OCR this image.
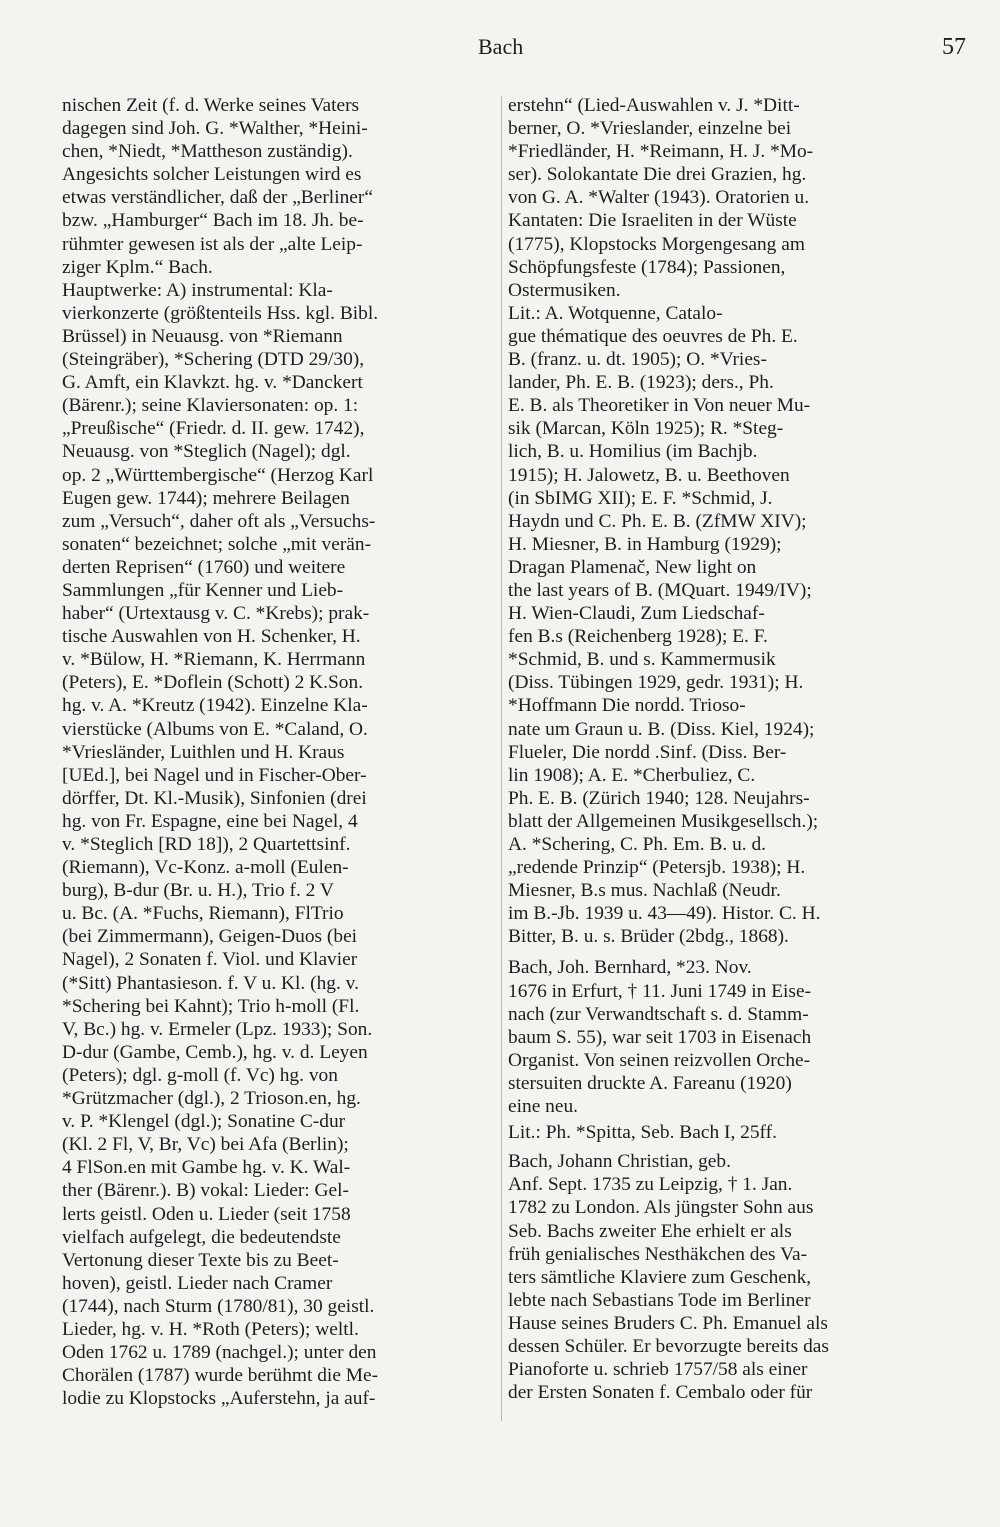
Bach	57
nischen Zeit (f. d. Werke seines Vaters
dagegen sind Joh. G. *Walther, *Heini-
chen, *Niedt, *Mattheson zuständig).
Angesichts solcher Leistungen wird es
etwas verständlicher, daß der „Berliner“
bzw. „Hamburger“ Bach im 18. Jh. be-
rühmter gewesen ist als der „alte Leip-
ziger Kplm.“ Bach.
Hauptwerke: A) instrumental: Kla-
vierkonzerte (größtenteils Hss. kgl. Bibl.
Brüssel) in Neuausg. von *Riemann
(Steingräber), *Schering (DTD 29/30),
G. Amft, ein Klavkzt. hg. v. *Danckert
(Bärenr.); seine Klaviersonaten: op. 1:
„Preußische“ (Friedr. d. II. gew. 1742),
Neuausg. von *Steglich (Nagel); dgl.
op. 2 „Württembergische“ (Herzog Karl
Eugen gew. 1744); mehrere Beilagen
zum „Versuch“, daher oft als „Versuchs-
sonaten“ bezeichnet; solche „mit verän-
derten Reprisen“ (1760) und weitere
Sammlungen „für Kenner und Lieb-
haber“ (Urtextausg v. C. *Krebs); prak-
tische Auswahlen von H. Schenker, H.
v. *Bülow, H. *Riemann, K. Herrmann
(Peters), E. *Doflein (Schott) 2 K.Son.
hg. v. A. *Kreutz (1942). Einzelne Kla-
vierstücke (Albums von E. *Caland, O.
*Vriesländer, Luithlen und H. Kraus
[UEd.], bei Nagel und in Fischer-Ober-
dörffer, Dt. Kl.-Musik), Sinfonien (drei
hg. von Fr. Espagne, eine bei Nagel, 4
v. *Steglich [RD 18]), 2 Quartettsinf.
(Riemann), Vc-Konz. a-moll (Eulen-
burg), B-dur (Br. u. H.), Trio f. 2 V
u. Bc. (A. *Fuchs, Riemann), FlTrio
(bei Zimmermann), Geigen-Duos (bei
Nagel), 2 Sonaten f. Viol. und Klavier
(*Sitt) Phantasieson. f. V u. Kl. (hg. v.
*Schering bei Kahnt); Trio h-moll (Fl.
V, Bc.) hg. v. Ermeler (Lpz. 1933); Son.
D-dur (Gambe, Cemb.), hg. v. d. Leyen
(Peters); dgl. g-moll (f. Vc) hg. von
*Grützmacher (dgl.), 2 Trioson.en, hg.
v. P. *Klengel (dgl.); Sonatine C-dur
(Kl. 2 Fl, V, Br, Vc) bei Afa (Berlin);
4 FlSon.en mit Gambe hg. v. K. Wal-
ther (Bärenr.). B) vokal: Lieder: Gel-
lerts geistl. Oden u. Lieder (seit 1758
vielfach aufgelegt, die bedeutendste
Vertonung dieser Texte bis zu Beet-
hoven), geistl. Lieder nach Cramer
(1744), nach Sturm (1780/81), 30 geistl.
Lieder, hg. v. H. *Roth (Peters); weltl.
Oden 1762 u. 1789 (nachgel.); unter den
Chorälen (1787) wurde berühmt die Me-
lodie zu Klopstocks „Auferstehn, ja auf-
erstehn“ (Lied-Auswahlen v. J. *Ditt-
berner, O. *Vrieslander, einzelne bei
*Friedländer, H. *Reimann, H. J. *Mo-
ser). Solokantate Die drei Grazien, hg.
von G. A. *Walter (1943). Oratorien u.
Kantaten: Die Israeliten in der Wüste
(1775), Klopstocks Morgengesang am
Schöpfungsfeste (1784); Passionen,
Ostermusiken.
Lit.: A. Wotquenne, Catalo-
gue thématique des oeuvres de Ph. E.
B. (franz. u. dt. 1905); O. *Vries-
lander, Ph. E. B. (1923); ders., Ph.
E. B. als Theoretiker in Von neuer Mu-
sik (Marcan, Köln 1925); R. *Steg-
lich, B. u. Homilius (im Bachjb.
1915); H. Jalowetz, B. u. Beethoven
(in SbIMG XII); E. F. *Schmid, J.
Haydn und C. Ph. E. B. (ZfMW XIV);
H. Miesner, B. in Hamburg (1929);
Dragan Plamenač, New light on
the last years of B. (MQuart. 1949/IV);
H. Wien-Claudi, Zum Liedschaf-
fen B.s (Reichenberg 1928); E. F.
*Schmid, B. und s. Kammermusik
(Diss. Tübingen 1929, gedr. 1931); H.
*Hoffmann Die nordd. Trioso-
nate um Graun u. B. (Diss. Kiel, 1924);
Flueler, Die nordd .Sinf. (Diss. Ber-
lin 1908); A. E. *Cherbuliez, C.
Ph. E. B. (Zürich 1940; 128. Neujahrs-
blatt der Allgemeinen Musikgesellsch.);
A. *Schering, C. Ph. Em. B. u. d.
„redende Prinzip“ (Petersjb. 1938); H.
Miesner, B.s mus. Nachlaß (Neudr.
im B.-Jb. 1939 u. 43—49). Histor. C. H.
Bitter, B. u. s. Brüder (2bdg., 1868).
Bach, Joh. Bernhard, *23. Nov.
1676 in Erfurt, † 11. Juni 1749 in Eise-
nach (zur Verwandtschaft s. d. Stamm-
baum S. 55), war seit 1703 in Eisenach
Organist. Von seinen reizvollen Orche-
stersuiten druckte A. Fareanu (1920)
eine neu.
Lit.: Ph. *Spitta, Seb. Bach I, 25ff.
Bach, Johann Christian, geb.
Anf. Sept. 1735 zu Leipzig, † 1. Jan.
1782 zu London. Als jüngster Sohn aus
Seb. Bachs zweiter Ehe erhielt er als
früh genialisches Nesthäkchen des Va-
ters sämtliche Klaviere zum Geschenk,
lebte nach Sebastians Tode im Berliner
Hause seines Bruders C. Ph. Emanuel als
dessen Schüler. Er bevorzugte bereits das
Pianoforte u. schrieb 1757/58 als einer
der Ersten Sonaten f. Cembalo oder für
